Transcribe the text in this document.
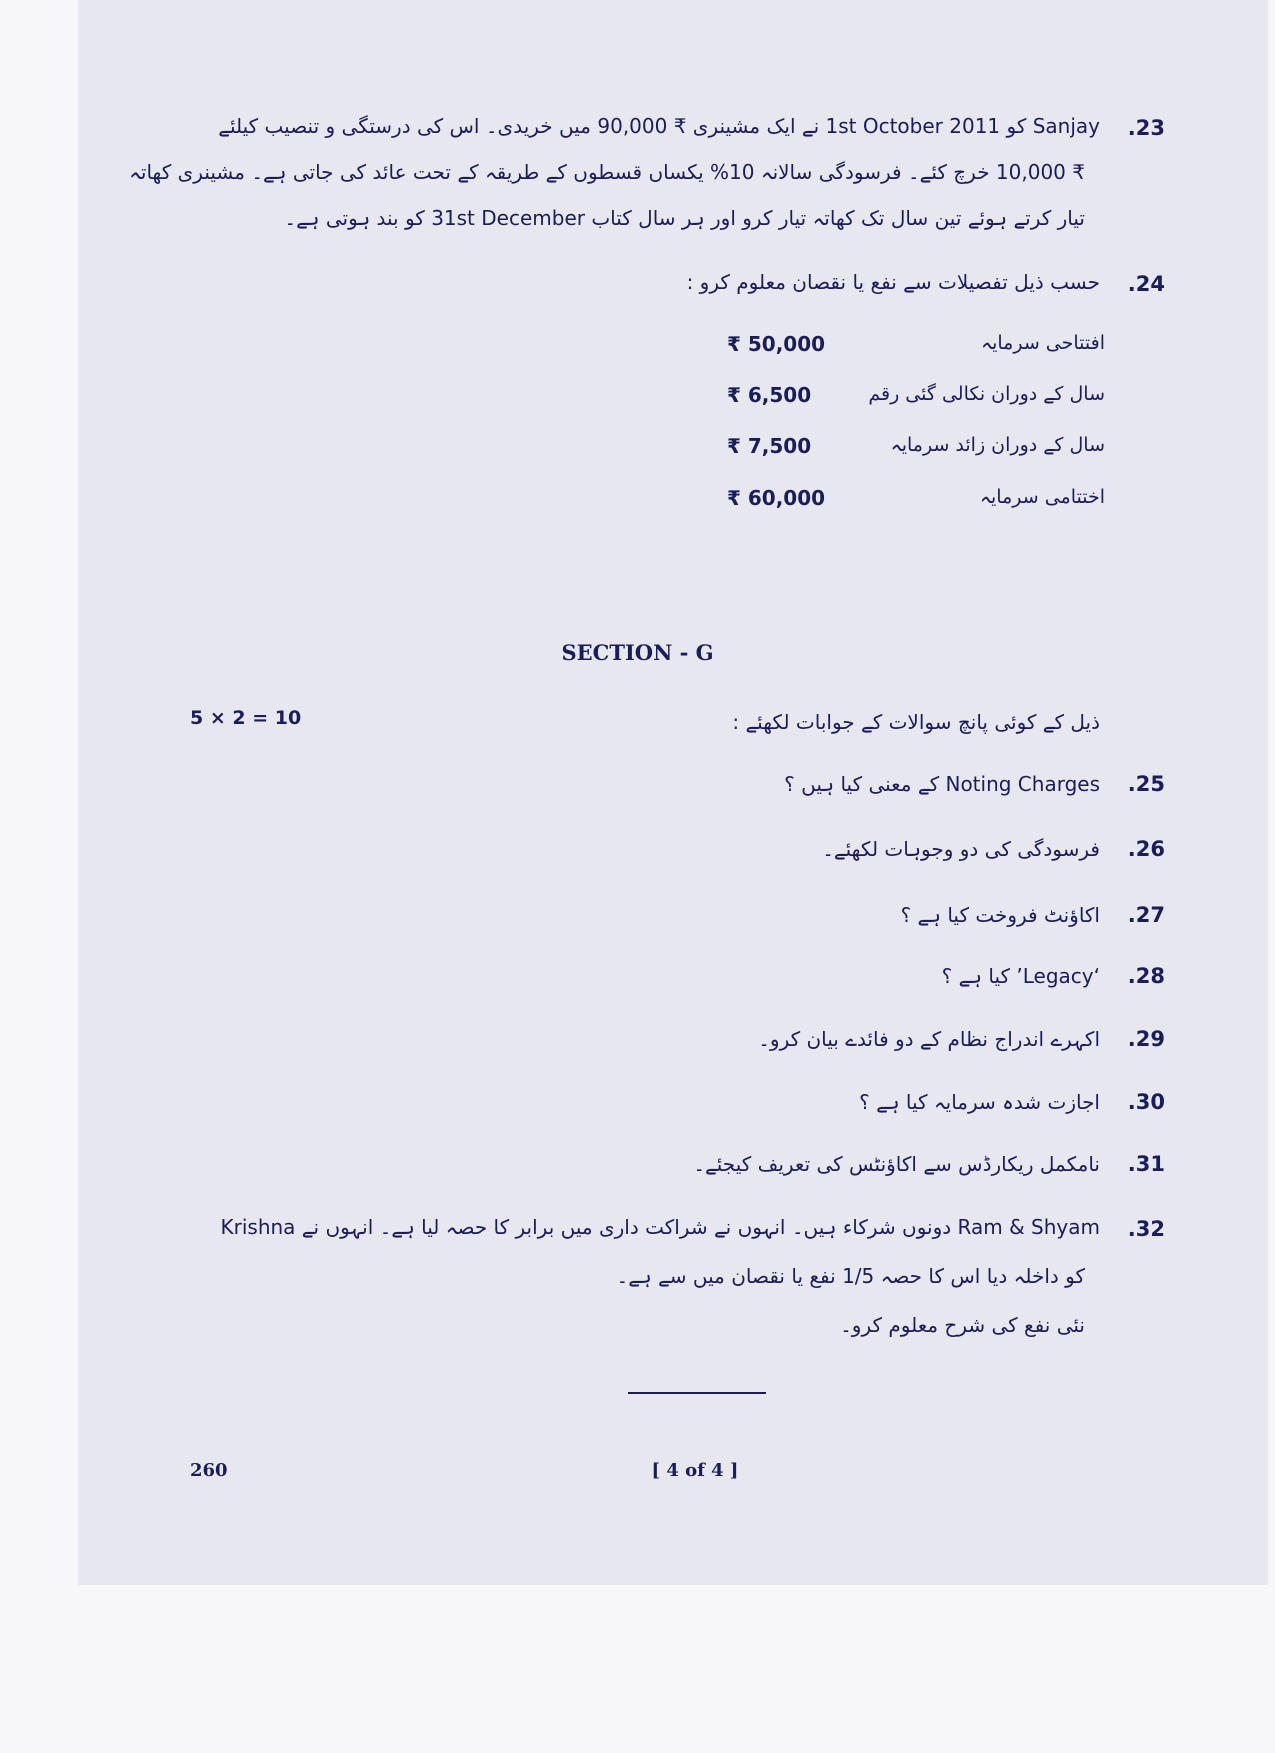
.23
Sanjay کو 1st October 2011 نے ایک مشینری ₹ 90,000 میں خریدی۔ اس کی درستگی و تنصیب کیلئے
₹ 10,000 خرچ کئے۔ فرسودگی سالانہ 10% یکساں قسطوں کے طریقہ کے تحت عائد کی جاتی ہے۔ مشینری کھاتہ
تیار کرتے ہوئے تین سال تک کھاتہ تیار کرو اور ہر سال کتاب 31st December کو بند ہوتی ہے۔
.24
حسب ذیل تفصیلات سے نفع یا نقصان معلوم کرو :
افتتاحی سرمایہ
₹ 50,000
سال کے دوران نکالی گئی رقم
₹ 6,500
سال کے دوران زائد سرمایہ
₹ 7,500
اختتامی سرمایہ
₹ 60,000
SECTION - G
5 × 2 = 10	ذیل کے کوئی پانچ سوالات کے جوابات لکھئے :
.25
Noting Charges کے معنی کیا ہیں ؟
.26
فرسودگی کی دو وجوہات لکھئے۔
.27
اکاؤنٹ فروخت کیا ہے ؟
.28
‘Legacy’ کیا ہے ؟
.29
اکہرے اندراج نظام کے دو فائدے بیان کرو۔
.30
اجازت شدہ سرمایہ کیا ہے ؟
.31
نامکمل ریکارڈس سے اکاؤنٹس کی تعریف کیجئے۔
.32
Ram & Shyam دونوں شرکاء ہیں۔ انہوں نے شراکت داری میں برابر کا حصہ لیا ہے۔ انہوں نے Krishna
کو داخلہ دیا اس کا حصہ 1/5 نفع یا نقصان میں سے ہے۔
نئی نفع کی شرح معلوم کرو۔
260	[ 4 of 4 ]
